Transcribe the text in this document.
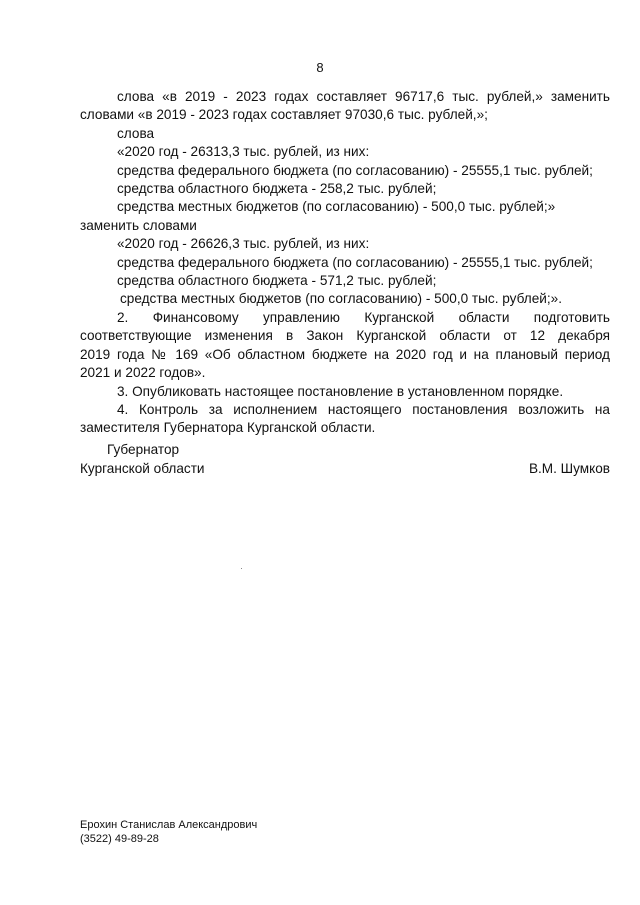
8
слова «в 2019 - 2023 годах составляет 96717,6 тыс. рублей,» заменить
словами «в 2019 - 2023 годах составляет 97030,6 тыс. рублей,»;
слова
«2020 год - 26313,3 тыс. рублей, из них:
средства федерального бюджета (по согласованию) - 25555,1 тыс. рублей;
средства областного бюджета - 258,2 тыс. рублей;
средства местных бюджетов (по согласованию) - 500,0 тыс. рублей;»
заменить словами
«2020 год - 26626,3 тыс. рублей, из них:
средства федерального бюджета (по согласованию) - 25555,1 тыс. рублей;
средства областного бюджета - 571,2 тыс. рублей;
средства местных бюджетов (по согласованию) - 500,0 тыс. рублей;».
2. Финансовому управлению Курганской области подготовить
соответствующие изменения в Закон Курганской области от 12 декабря
2019 года № 169 «Об областном бюджете на 2020 год и на плановый период
2021 и 2022 годов».
3. Опубликовать настоящее постановление в установленном порядке.
4. Контроль за исполнением настоящего постановления возложить на
заместителя Губернатора Курганской области.
Губернатор
Курганской области	В.М. Шумков
Ерохин Станислав Александрович
(3522) 49-89-28
